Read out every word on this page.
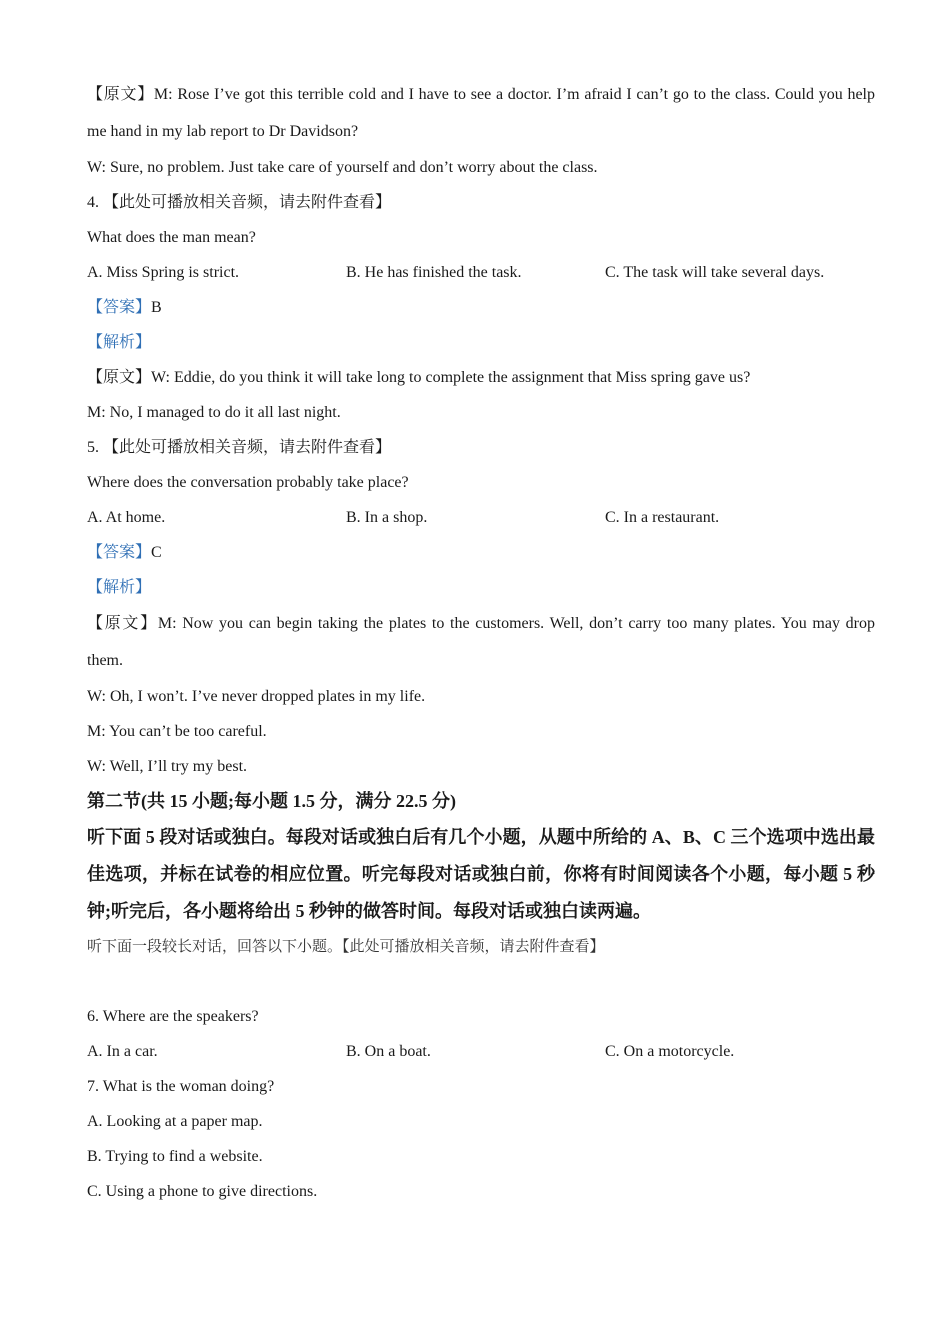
【原文】M: Rose I’ve got this terrible cold and I have to see a doctor. I’m afraid I can’t go to the class. Could you help me hand in my lab report to Dr Davidson?
W: Sure, no problem. Just take care of yourself and don’t worry about the class.
4. 【此处可播放相关音频，请去附件查看】
What does the man mean?
A. Miss Spring is strict.	B. He has finished the task.	C. The task will take several days.
【答案】B
【解析】
【原文】W: Eddie, do you think it will take long to complete the assignment that Miss spring gave us?
M: No, I managed to do it all last night.
5. 【此处可播放相关音频，请去附件查看】
Where does the conversation probably take place?
A. At home.	B. In a shop.	C. In a restaurant.
【答案】C
【解析】
【原文】M: Now you can begin taking the plates to the customers. Well, don’t carry too many plates. You may drop them.
W: Oh, I won’t. I’ve never dropped plates in my life.
M: You can’t be too careful.
W: Well, I’ll try my best.
第二节(共 15 小题;每小题 1.5 分，满分 22.5 分)
听下面 5 段对话或独白。每段对话或独白后有几个小题，从题中所给的 A、B、C 三个选项中选出最佳选项，并标在试卷的相应位置。听完每段对话或独白前，你将有时间阅读各个小题，每小题 5 秒钟;听完后，各小题将给出 5 秒钟的做答时间。每段对话或独白读两遍。
听下面一段较长对话，回答以下小题。【此处可播放相关音频，请去附件查看】
6. Where are the speakers?
A. In a car.	B. On a boat.	C. On a motorcycle.
7. What is the woman doing?
A. Looking at a paper map.
B. Trying to find a website.
C. Using a phone to give directions.
